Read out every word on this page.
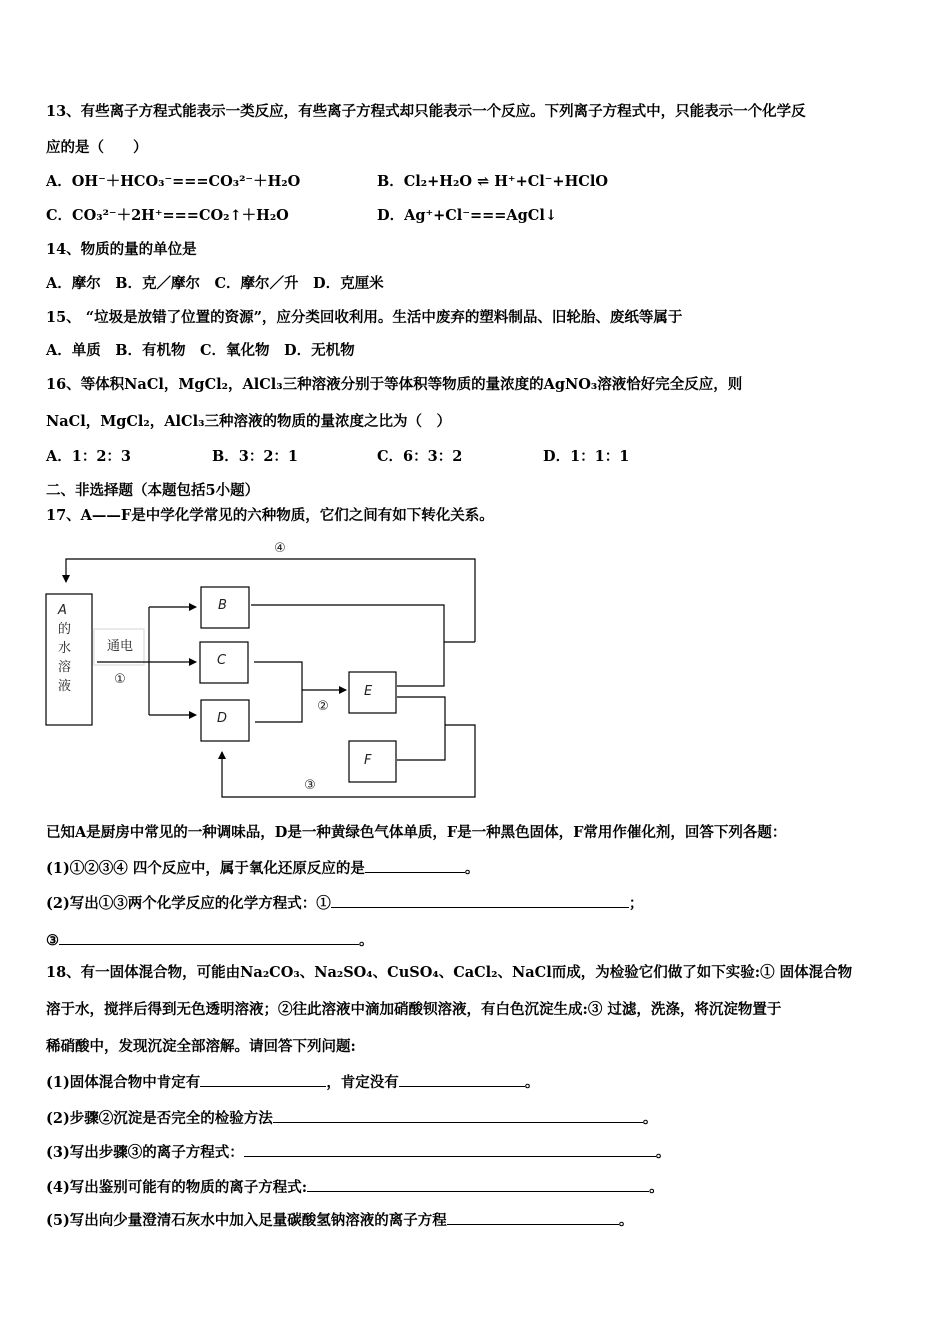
13、有些离子方程式能表示一类反应，有些离子方程式却只能表示一个反应。下列离子方程式中，只能表示一个化学反
应的是（　　）
A．OH⁻＋HCO₃⁻===CO₃²⁻＋H₂O	B．Cl₂+H₂O ⇌ H⁺+Cl⁻+HClO
C．CO₃²⁻＋2H⁺===CO₂↑＋H₂O	D．Ag⁺+Cl⁻===AgCl↓
14、物质的量的单位是
A．摩尔　B．克／摩尔　C．摩尔／升　D．克厘米
15、 “垃圾是放错了位置的资源”，应分类回收利用。生活中废弃的塑料制品、旧轮胎、废纸等属于
A．单质　B．有机物　C．氧化物　D．无机物
16、等体积NaCl，MgCl₂，AlCl₃三种溶液分别于等体积等物质的量浓度的AgNO₃溶液恰好完全反应，则
NaCl，MgCl₂，AlCl₃三种溶液的物质的量浓度之比为（　）
A．1：2：3	B．3：2：1	C．6：3：2	D．1：1：1
二、非选择题（本题包括5小题）
17、A——F是中学化学常见的六种物质，它们之间有如下转化关系。
④
①
②
③
通电
A
的
水
溶
液
B
C
D
E
F
已知A是厨房中常见的一种调味品，D是一种黄绿色气体单质，F是一种黑色固体，F常用作催化剂，回答下列各题：
(1)①②③④ 四个反应中，属于氧化还原反应的是	。
(2)写出①③两个化学反应的化学方程式：①	；
③	。
18、有一固体混合物，可能由Na₂CO₃、Na₂SO₄、CuSO₄、CaCl₂、NaCl而成，为检验它们做了如下实验:① 固体混合物
溶于水，搅拌后得到无色透明溶液；②往此溶液中滴加硝酸钡溶液，有白色沉淀生成:③ 过滤，洗涤，将沉淀物置于
稀硝酸中，发现沉淀全部溶解。请回答下列问题:
(1)固体混合物中肯定有	，肯定没有	。
(2)步骤②沉淀是否完全的检验方法	。
(3)写出步骤③的离子方程式：	。
(4)写出鉴别可能有的物质的离子方程式:	。
(5)写出向少量澄清石灰水中加入足量碳酸氢钠溶液的离子方程	。
